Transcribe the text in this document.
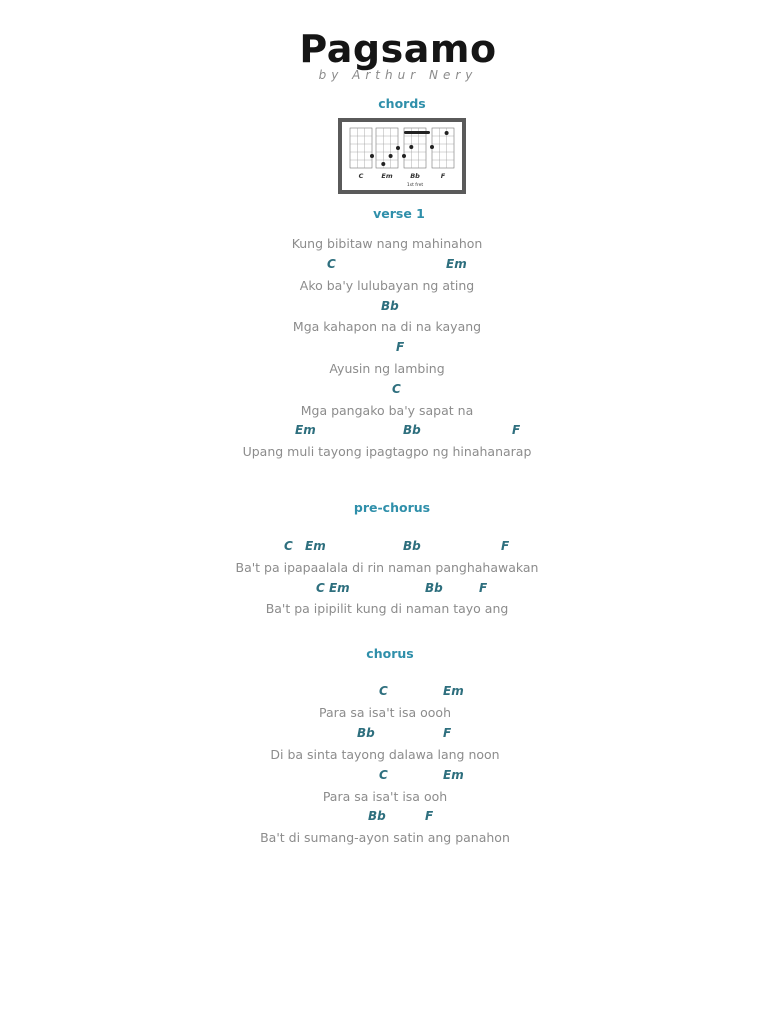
Pagsamo
by Arthur Nery
chords
C	Em	Bb	F
1st fret
verse 1
Kung bibitaw nang mahinahon
C	Em
Ako ba'y lulubayan ng ating
Bb
Mga kahapon na di na kayang
F
Ayusin ng lambing
C
Mga pangako ba'y sapat na
Em	Bb	F
Upang muli tayong ipagtagpo ng hinahanarap
pre-chorus
C Em	Bb	F
Ba't pa ipapaalala di rin naman panghahawakan
C Em	Bb	F
Ba't pa ipipilit kung di naman tayo ang
chorus
C	Em
Para sa isa't isa oooh
Bb	F
Di ba sinta tayong dalawa lang noon
C	Em
Para sa isa't isa ooh
Bb	F
Ba't di sumang-ayon satin ang panahon
